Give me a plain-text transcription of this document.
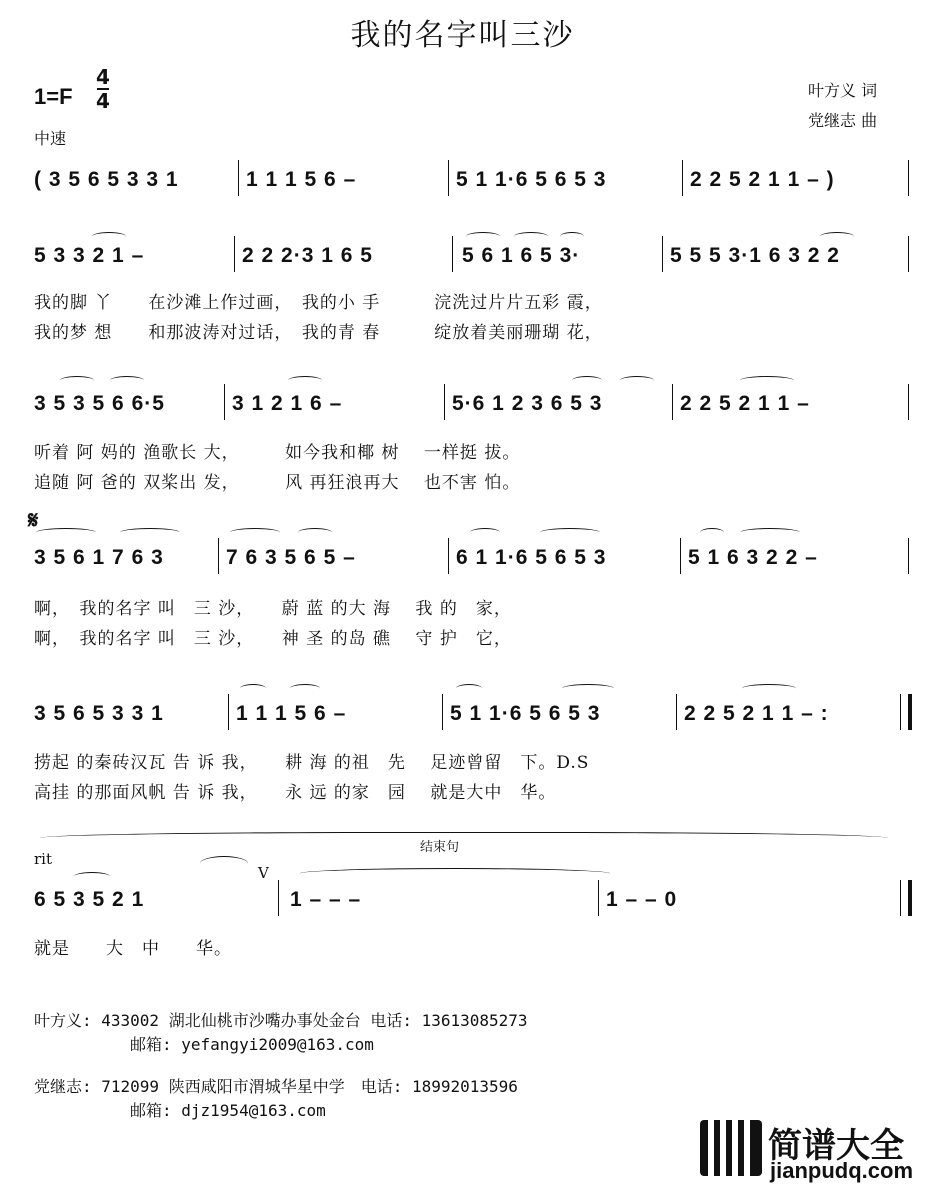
我的名字叫三沙
叶方义 词
党继志 曲
1=F
4
4
中速
( 3 5 6 5 3 3 1	1 1 1 5 6 –	5 1 1·6 5 6 5 3	2 2 5 2 1 1 – )
5 3 3 2 1 –	2 2 2·3 1 6 5	5 6 1 6 5 3·	5 5 5 3·1 6 3 2 2
我的脚 丫　　在沙滩上作过画，　我的小 手　　　浣洗过片片五彩 霞，
我的梦 想　　和那波涛对过话，　我的青 春　　　绽放着美丽珊瑚 花，
3 5 3 5 6 6·5	3 1 2 1 6 –	5·6 1 2 3 6 5 3	2 2 5 2 1 1 –
听着 阿 妈的 渔歌长 大，　　　如今我和椰 树　 一样挺 拔。
追随 阿 爸的 双桨出 发，　　　风 再狂浪再大　 也不害 怕。
𝄋
3 5 6 1 7 6 3	7 6 3 5 6 5 –	6 1 1·6 5 6 5 3	5 1 6 3 2 2 –
啊，　我的名字 叫　三 沙，　　蔚 蓝 的大 海　 我 的　家，
啊，　我的名字 叫　三 沙，　　神 圣 的岛 礁　 守 护　它，
3 5 6 5 3 3 1	1 1 1 5 6 –	5 1 1·6 5 6 5 3	2 2 5 2 1 1 – :
捞起 的秦砖汉瓦 告 诉 我，　　耕 海 的祖　先　 足迹曾留　下。D.S
高挂 的那面风帆 告 诉 我，　　永 远 的家　园　 就是大中　华。
结束句
rit
V
6 5 3 5 2 1	1 – – –	1 – – 0
就是　　大　中　　华。
叶方义: 433002 湖北仙桃市沙嘴办事处金台 电话: 13613085273
邮箱: yefangyi2009@163.com
党继志: 712099 陕西咸阳市渭城华星中学　电话: 18992013596
邮箱: djz1954@163.com
简谱大全
jianpudq.com
